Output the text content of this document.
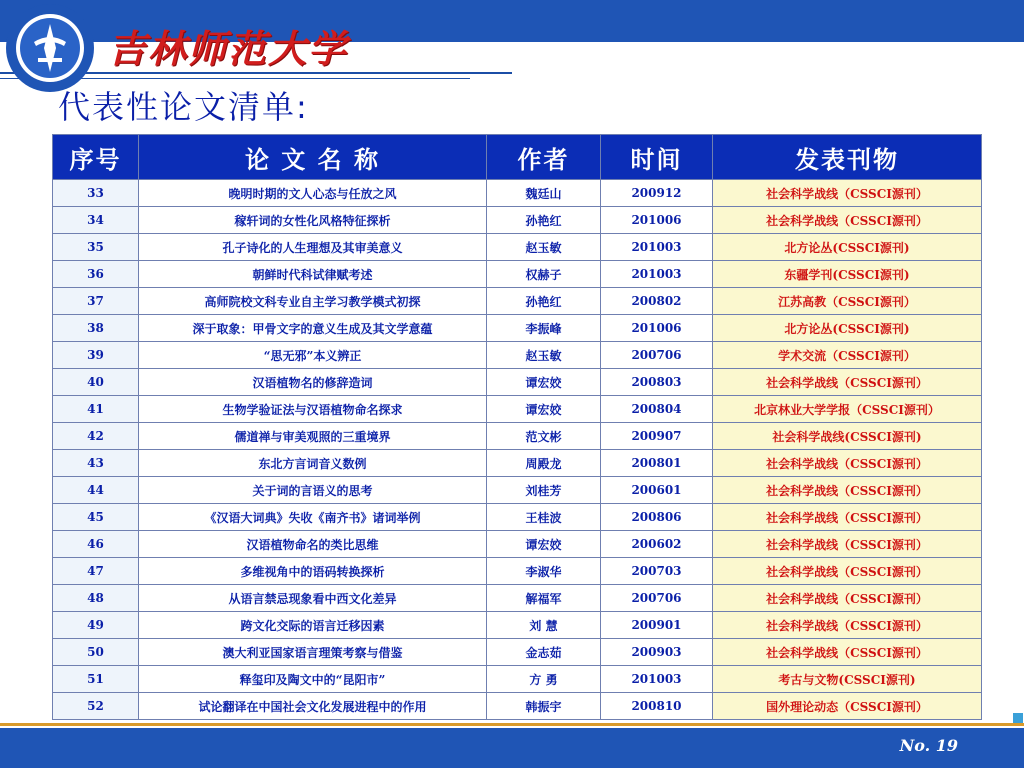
吉林师范大学
代表性论文清单:
序号	论 文 名 称	作者	时间	发表刊物
33	晚明时期的文人心态与任放之风	魏廷山	200912	社会科学战线（CSSCI源刊）
34	稼轩词的女性化风格特征探析	孙艳红	201006	社会科学战线（CSSCI源刊）
35	孔子诗化的人生理想及其审美意义	赵玉敏	201003	北方论丛(CSSCI源刊)
36	朝鲜时代科试律赋考述	权赫子	201003	东疆学刊(CSSCI源刊)
37	高师院校文科专业自主学习教学模式初探	孙艳红	200802	江苏高教（CSSCI源刊）
38	深于取象：甲骨文字的意义生成及其文学意蕴	李振峰	201006	北方论丛(CSSCI源刊)
39	“思无邪”本义辨正	赵玉敏	200706	学术交流（CSSCI源刊）
40	汉语植物名的修辞造词	谭宏姣	200803	社会科学战线（CSSCI源刊）
41	生物学验证法与汉语植物命名探求	谭宏姣	200804	北京林业大学学报（CSSCI源刊）
42	儒道禅与审美观照的三重境界	范文彬	200907	社会科学战线(CSSCI源刊)
43	东北方言词音义数例	周殿龙	200801	社会科学战线（CSSCI源刊）
44	关于词的言语义的思考	刘桂芳	200601	社会科学战线（CSSCI源刊）
45	《汉语大词典》失收《南齐书》诸词举例	王桂波	200806	社会科学战线（CSSCI源刊）
46	汉语植物命名的类比思维	谭宏姣	200602	社会科学战线（CSSCI源刊）
47	多维视角中的语码转换探析	李淑华	200703	社会科学战线（CSSCI源刊）
48	从语言禁忌现象看中西文化差异	解福军	200706	社会科学战线（CSSCI源刊）
49	跨文化交际的语言迁移因素	刘 慧	200901	社会科学战线（CSSCI源刊）
50	澳大利亚国家语言理策考察与借鉴	金志茹	200903	社会科学战线（CSSCI源刊）
51	释玺印及陶文中的“昆阳市”	方 勇	201003	考古与文物(CSSCI源刊)
52	试论翻译在中国社会文化发展进程中的作用	韩振宇	200810	国外理论动态（CSSCI源刊）
No. 19
